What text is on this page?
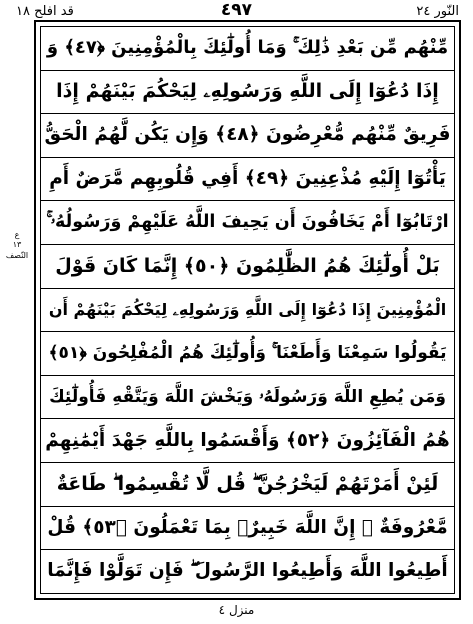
قد افلح ١٨	٤٩٧	النّور ٢٤
مِّنْهُم مِّن بَعْدِ ذَٰلِكَ ۚ وَمَا أُولَٰٓئِكَ بِالْمُؤْمِنِينَ ﴿٤٧﴾ وَ
إِذَا دُعُوٓا إِلَى اللَّهِ وَرَسُولِهِۦ لِيَحْكُمَ بَيْنَهُمْ إِذَا
فَرِيقٌ مِّنْهُم مُّعْرِضُونَ ﴿٤٨﴾ وَإِن يَكُن لَّهُمُ الْحَقُّ
يَأْتُوٓا إِلَيْهِ مُذْعِنِينَ ﴿٤٩﴾ أَفِي قُلُوبِهِم مَّرَضٌ أَمِ
ارْتَابُوٓا أَمْ يَخَافُونَ أَن يَحِيفَ اللَّهُ عَلَيْهِمْ وَرَسُولُهُۥ ۚ
بَلْ أُولَٰٓئِكَ هُمُ الظَّٰلِمُونَ ﴿٥٠﴾ إِنَّمَا كَانَ قَوْلَ
الْمُؤْمِنِينَ إِذَا دُعُوٓا إِلَى اللَّهِ وَرَسُولِهِۦ لِيَحْكُمَ بَيْنَهُمْ أَن
يَقُولُوا سَمِعْنَا وَأَطَعْنَا ۚ وَأُولَٰٓئِكَ هُمُ الْمُفْلِحُونَ ﴿٥١﴾
وَمَن يُطِعِ اللَّهَ وَرَسُولَهُۥ وَيَخْشَ اللَّهَ وَيَتَّقْهِ فَأُولَٰٓئِكَ
هُمُ الْفَآئِزُونَ ﴿٥٢﴾ وَأَقْسَمُوا بِاللَّهِ جَهْدَ أَيْمَٰنِهِمْ
لَئِنْ أَمَرْتَهُمْ لَيَخْرُجُنَّ ۖ قُل لَّا تُقْسِمُوا ۖ طَاعَةٌ
مَّعْرُوفَةٌ ۚ إِنَّ اللَّهَ خَبِيرٌۢ بِمَا تَعْمَلُونَ ﴿٥٣﴾ قُلْ
أَطِيعُوا اللَّهَ وَأَطِيعُوا الرَّسُولَ ۖ فَإِن تَوَلَّوْا فَإِنَّمَا
ع
١٣
النّصف
منزل ٤
